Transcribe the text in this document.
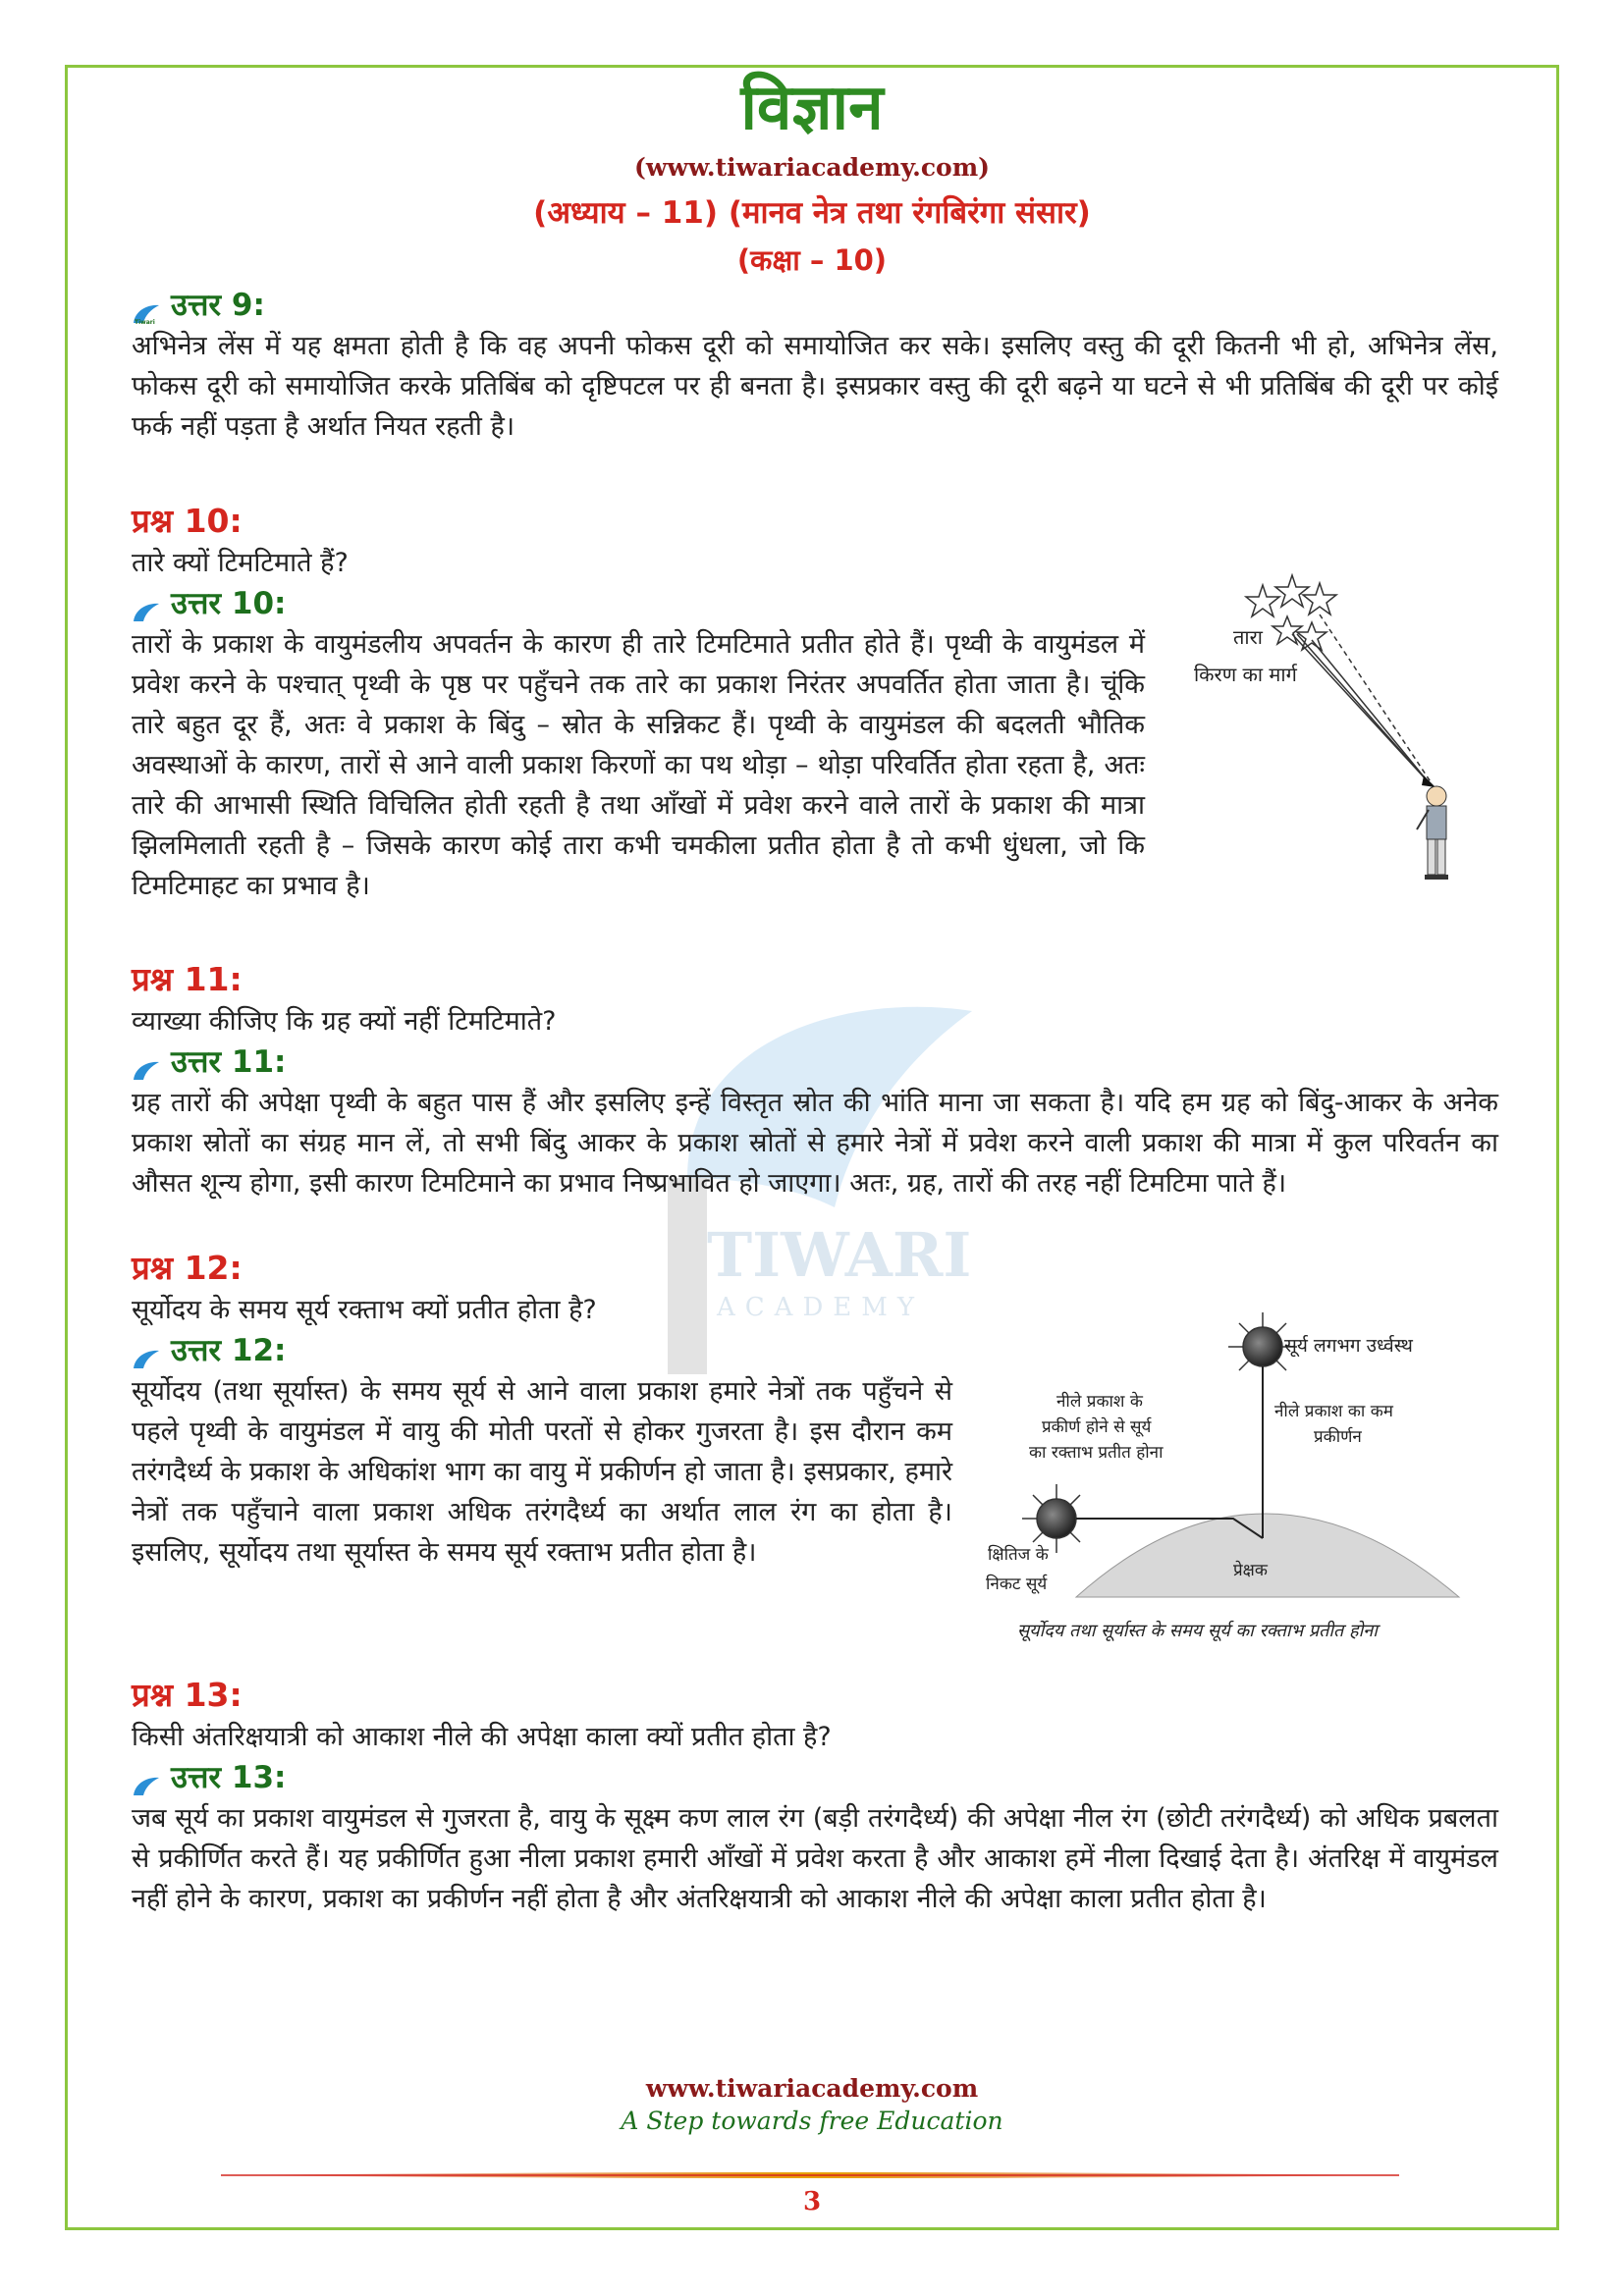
TIWARI
ACADEMY
विज्ञान
(www.tiwariacademy.com)
(अध्याय – 11) (मानव नेत्र तथा रंगबिरंगा संसार)
(कक्षा – 10)
Tiwari उत्तर 9:
अभिनेत्र लेंस में यह क्षमता होती है कि वह अपनी फोकस दूरी को समायोजित कर सके। इसलिए वस्तु की दूरी कितनी भी हो, अभिनेत्र लेंस, फोकस दूरी को समायोजित करके प्रतिबिंब को दृष्टिपटल पर ही बनता है। इसप्रकार वस्तु की दूरी बढ़ने या घटने से भी प्रतिबिंब की दूरी पर कोई फर्क नहीं पड़ता है अर्थात नियत रहती है।
प्रश्न 10:
तारे क्यों टिमटिमाते हैं?
उत्तर 10:
तारों के प्रकाश के वायुमंडलीय अपवर्तन के कारण ही तारे टिमटिमाते प्रतीत होते हैं। पृथ्वी के वायुमंडल में प्रवेश करने के पश्चात् पृथ्वी के पृष्ठ पर पहुँचने तक तारे का प्रकाश निरंतर अपवर्तित होता जाता है। चूंकि तारे बहुत दूर हैं, अतः वे प्रकाश के बिंदु – स्रोत के सन्निकट हैं। पृथ्वी के वायुमंडल की बदलती भौतिक अवस्थाओं के कारण, तारों से आने वाली प्रकाश किरणों का पथ थोड़ा – थोड़ा परिवर्तित होता रहता है, अतः तारे की आभासी स्थिति विचिलित होती रहती है तथा आँखों में प्रवेश करने वाले तारों के प्रकाश की मात्रा झिलमिलाती रहती है – जिसके कारण कोई तारा कभी चमकीला प्रतीत होता है तो कभी धुंधला, जो कि टिमटिमाहट का प्रभाव है।
तारा
किरण का मार्ग
प्रश्न 11:
व्याख्या कीजिए कि ग्रह क्यों नहीं टिमटिमाते?
उत्तर 11:
ग्रह तारों की अपेक्षा पृथ्वी के बहुत पास हैं और इसलिए इन्हें विस्तृत स्रोत की भांति माना जा सकता है। यदि हम ग्रह को बिंदु-आकर के अनेक प्रकाश स्रोतों का संग्रह मान लें, तो सभी बिंदु आकर के प्रकाश स्रोतों से हमारे नेत्रों में प्रवेश करने वाली प्रकाश की मात्रा में कुल परिवर्तन का औसत शून्य होगा, इसी कारण टिमटिमाने का प्रभाव निष्प्रभावित हो जाएगा। अतः, ग्रह, तारों की तरह नहीं टिमटिमा पाते हैं।
प्रश्न 12:
सूर्योदय के समय सूर्य रक्ताभ क्यों प्रतीत होता है?
उत्तर 12:
सूर्योदय (तथा सूर्यास्त) के समय सूर्य से आने वाला प्रकाश हमारे नेत्रों तक पहुँचने से पहले पृथ्वी के वायुमंडल में वायु की मोती परतों से होकर गुजरता है। इस दौरान कम तरंगदैर्ध्य के प्रकाश के अधिकांश भाग का वायु में प्रकीर्णन हो जाता है। इसप्रकार, हमारे नेत्रों तक पहुँचाने वाला प्रकाश अधिक तरंगदैर्ध्य का अर्थात लाल रंग का होता है। इसलिए, सूर्योदय तथा सूर्यास्त के समय सूर्य रक्ताभ प्रतीत होता है।
सूर्य लगभग उर्ध्वस्थ
नीले प्रकाश के
प्रकीर्ण होने से सूर्य
का रक्ताभ प्रतीत होना
नीले प्रकाश का कम
प्रकीर्णन
क्षितिज के
निकट सूर्य
प्रेक्षक
सूर्योदय तथा सूर्यास्त के समय सूर्य का रक्ताभ प्रतीत होना
प्रश्न 13:
किसी अंतरिक्षयात्री को आकाश नीले की अपेक्षा काला क्यों प्रतीत होता है?
उत्तर 13:
जब सूर्य का प्रकाश वायुमंडल से गुजरता है, वायु के सूक्ष्म कण लाल रंग (बड़ी तरंगदैर्ध्य) की अपेक्षा नील रंग (छोटी तरंगदैर्ध्य) को अधिक प्रबलता से प्रकीर्णित करते हैं। यह प्रकीर्णित हुआ नीला प्रकाश हमारी आँखों में प्रवेश करता है और आकाश हमें नीला दिखाई देता है। अंतरिक्ष में वायुमंडल नहीं होने के कारण, प्रकाश का प्रकीर्णन नहीं होता है और अंतरिक्षयात्री को आकाश नीले की अपेक्षा काला प्रतीत होता है।
www.tiwariacademy.com
A Step towards free Education
3
